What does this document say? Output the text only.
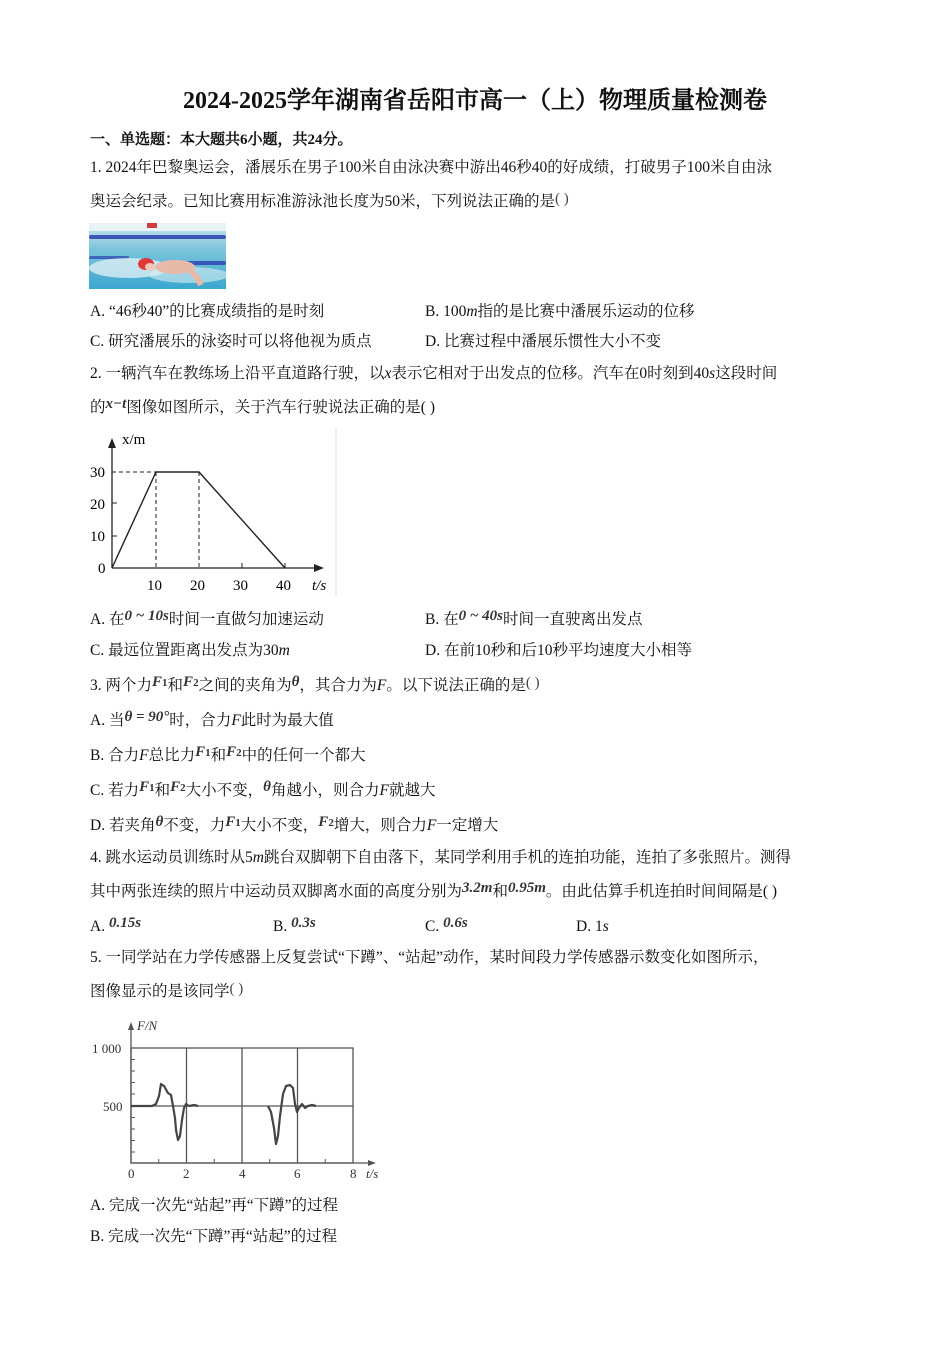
2024-2025学年湖南省岳阳市高一（上）物理质量检测卷
一、单选题：本大题共6小题，共24分。
1. 2024年巴黎奥运会，潘展乐在男子100米自由泳决赛中游出46秒40的好成绩，打破男子100米自由泳
奥运会纪录。已知比赛用标准游泳池长度为50米，下列说法正确的是( )
A. “46秒40”的比赛成绩指的是时刻	B. 100m指的是比赛中潘展乐运动的位移
C. 研究潘展乐的泳姿时可以将他视为质点	D. 比赛过程中潘展乐惯性大小不变
2. 一辆汽车在教练场上沿平直道路行驶，以x表示它相对于出发点的位移。汽车在0时刻到40s这段时间
的x−t图像如图所示，关于汽车行驶说法正确的是( )
x/m
30
20
10
0
10 20 30 40 t/s
A. 在0 ~ 10s时间一直做匀加速运动	B. 在0 ~ 40s时间一直驶离出发点
C. 最远位置距离出发点为30m	D. 在前10秒和后10秒平均速度大小相等
3. 两个力$F^1$和$F^2$之间的夹角为θ，其合力为F。以下说法正确的是( )
A. 当θ = 90°时，合力F此时为最大值
B. 合力F总比力$F^1$和$F^2$中的任何一个都大
C. 若力$F^1$和$F^2$大小不变，θ角越小，则合力F就越大
D. 若夹角θ不变，力$F^1$大小不变，$F^2$增大，则合力F一定增大
4. 跳水运动员训练时从5m跳台双脚朝下自由落下，某同学利用手机的连拍功能，连拍了多张照片。测得
其中两张连续的照片中运动员双脚离水面的高度分别为3.2m和0.95m。由此估算手机连拍时间间隔是( )
A. 0.15s	B. 0.3s	C. 0.6s	D. 1s
5. 一同学站在力学传感器上反复尝试“下蹲”、“站起”动作，某时间段力学传感器示数变化如图所示，
图像显示的是该同学( )
F/N
1 000
500
0	2	4	6	8 t/s
A. 完成一次先“站起”再“下蹲”的过程
B. 完成一次先“下蹲”再“站起”的过程
